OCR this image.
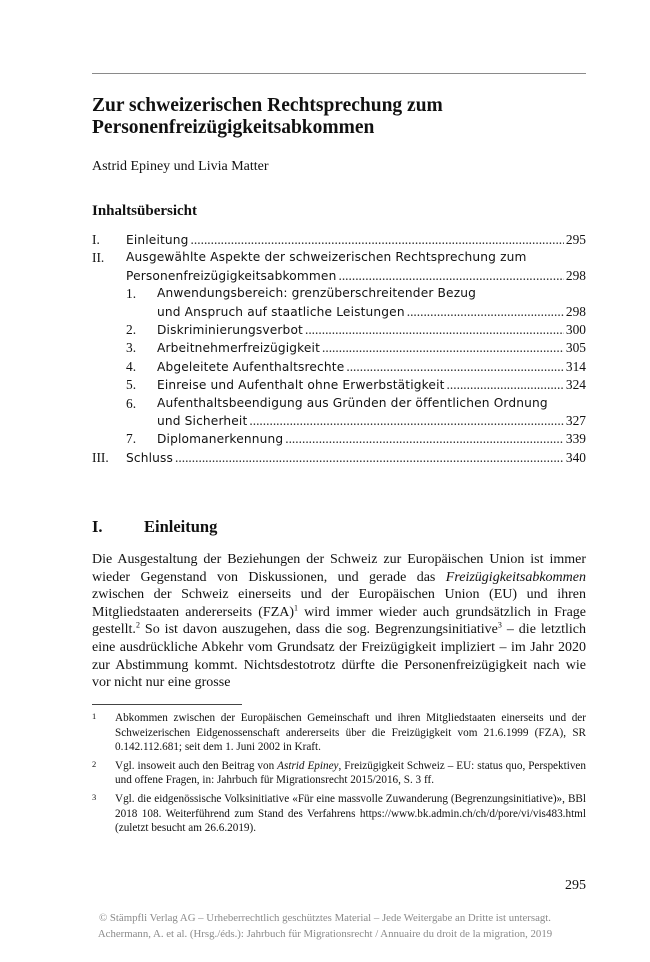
Zur schweizerischen Rechtsprechung zum
Personenfreizügigkeitsabkommen
Astrid Epiney und Livia Matter
Inhaltsübersicht
I. Einleitung .....	295
II. Ausgewählte Aspekte der schweizerischen Rechtsprechung zum
Personenfreizügigkeitsabkommen .....	298
1. Anwendungsbereich: grenzüberschreitender Bezug
und Anspruch auf staatliche Leistungen .....	298
2. Diskriminierungsverbot .....	300
3. Arbeitnehmerfreizügigkeit .....	305
4. Abgeleitete Aufenthaltsrechte .....	314
5. Einreise und Aufenthalt ohne Erwerbstätigkeit .....	324
6. Aufenthaltsbeendigung aus Gründen der öffentlichen Ordnung
und Sicherheit .....	327
7. Diplomanerkennung .....	339
III.	Schluss .....	340
I.	Einleitung

Die Ausgestaltung der Beziehungen der Schweiz zur Europäischen Union ist immer wieder Gegenstand von Diskussionen, und gerade das Freizügigkeitsabkommen zwischen der Schweiz einerseits und der Europäischen Union (EU) und ihren Mitgliedstaaten andererseits (FZA)$^1$ wird immer wieder auch grundsätzlich in Frage gestellt.$^2$ So ist davon auszugehen, dass die sog. Begrenzungsinitiative$^3$ – die letztlich eine ausdrückliche Abkehr vom Grundsatz der Freizügigkeit impliziert – im Jahr 2020 zur Abstimmung kommt. Nichtsdestotrotz dürfte die Personenfreizügigkeit nach wie vor nicht nur eine grosse

1 Abkommen zwischen der Europäischen Gemeinschaft und ihren Mitgliedstaaten einerseits und der Schweizerischen Eidgenossenschaft andererseits über die Freizügigkeit vom 21.6.1999 (FZA), SR 0.142.112.681; seit dem 1. Juni 2002 in Kraft.
2 Vgl. insoweit auch den Beitrag von Astrid Epiney, Freizügigkeit Schweiz – EU: status quo, Perspektiven und offene Fragen, in: Jahrbuch für Migrationsrecht 2015/2016, S. 3 ff.
3 Vgl. die eidgenössische Volksinitiative «Für eine massvolle Zuwanderung (Begrenzungsinitiative)», BBl 2018 108. Weiterführend zum Stand des Verfahrens https://www.bk.admin.ch/ch/d/pore/vi/vis483.html (zuletzt besucht am 26.6.2019).
295
© Stämpfli Verlag AG – Urheberrechtlich geschütztes Material – Jede Weitergabe an Dritte ist untersagt.
Achermann, A. et al. (Hrsg./éds.): Jahrbuch für Migrationsrecht / Annuaire du droit de la migration, 2019
